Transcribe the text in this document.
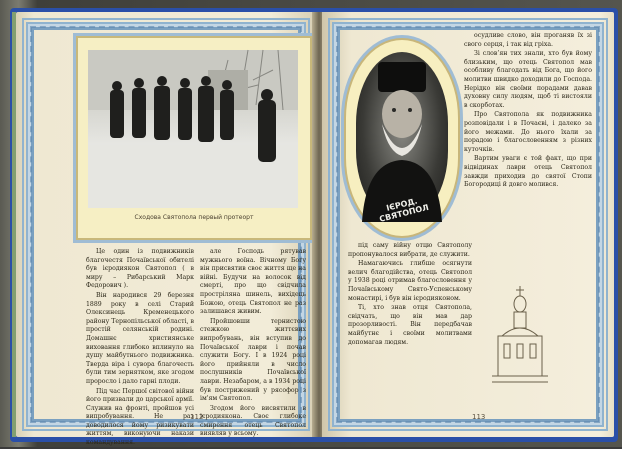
Сходова Святопола первый протеорт

Це один із подвижників благочестя Почаївської обителі був ієродиякон Святопол ( в миру – Рибарський Марк Федорович ).

Він народився 29 березня 1889 року в селі Старий Олексинець Кременецького району Тернопільської області, в простій селянській родині. Домашнє християнське виховання глибоко вплинуло на душу майбутнього подвижника. Тверда віра і сувора благочесть були тим зернятком, яке згодом проросло і дало гарні плоди.

Під час Першої світової війни його призвали до царської армії. Служив на фронті, пройшов усі випробування. Не раз доводилося йому ризикувати життям, виконуючи накази командування.

але Господь рятував мужнього воїна. Вічному Богу він присвятив своє життя ще на війні. Будучи на волосок від смерті, про що свідчила простріляна шинель, вихідець Божою, отець Святопол не раз залишався живим.

Пройшовши тернистою стежкою життєвих випробувань, він вступив до Почаївської лаври і почав служити Богу. І в 1924 році його прийняли в число послушників Почаївської лаври. Незабаром, а в 1934 році був пострижений у рясофор з ім'ям Святопол.

Згодом його висвятили в ієродиякона. Своє глибоке смирення отець Святопол виявляв у всьому.

112
ІЄРОД. СВЯТОПОЛ

осудливе слово, він проганяв їх зі свого серця, і так від гріха.

Зі слов’ян тих знали, хто був йому близьким, що отець Святопол мав особливу благодать від Бога, що його молитви швидко доходили до Господа. Нерідко він своїми порадами давав духовну силу людям, щоб ті вистояли в скорботах.

Про Святопола як подвижника розповідали і в Почаєві, і далеко за його межами. До нього їхали за порадою і благословенням з різних куточків.

Вартим уваги є той факт, що при відвідинах лаври отець Святопол завжди приходив до святої Стопи Богородиці й довго молився.

під саму війну отцю Святополу пропонувалося вибрати, де служити.

Намагаючись глибше осягнути велич благодійства, отець Святопол у 1938 році отримав благословення у Почаївському Свято-Успенському монастирі, і був він ієродияконом.

Ті, хто знав отця Святопола, свідчать, що він мав дар прозорливості. Він передбачав майбутнє і своїми молитвами допомагав людям.

113
